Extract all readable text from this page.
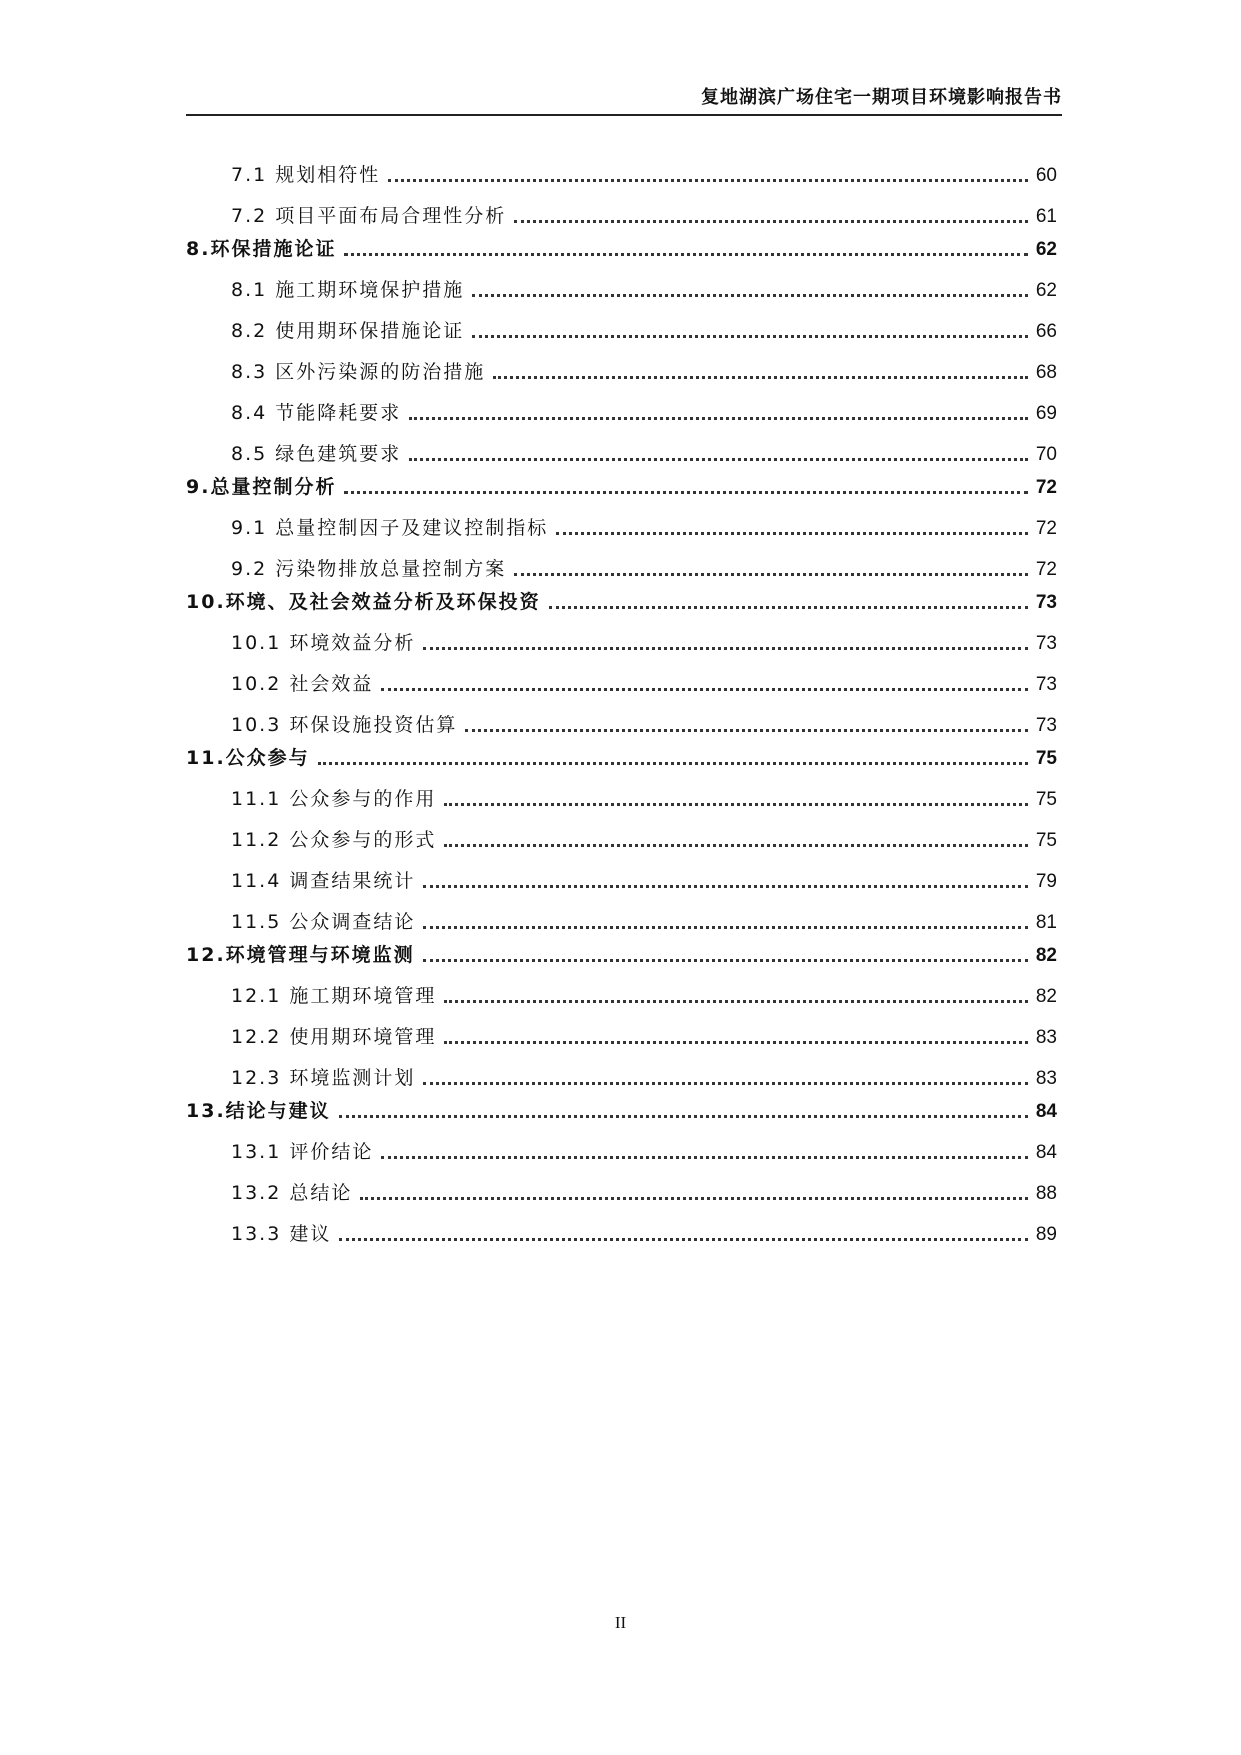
复地湖滨广场住宅一期项目环境影响报告书
7.1 规划相符性	60
7.2 项目平面布局合理性分析	61
8.环保措施论证	62
8.1 施工期环境保护措施	62
8.2 使用期环保措施论证	66
8.3 区外污染源的防治措施	68
8.4 节能降耗要求	69
8.5 绿色建筑要求	70
9.总量控制分析	72
9.1 总量控制因子及建议控制指标	72
9.2 污染物排放总量控制方案	72
10.环境、及社会效益分析及环保投资	73
10.1 环境效益分析	73
10.2 社会效益	73
10.3 环保设施投资估算	73
11.公众参与	75
11.1 公众参与的作用	75
11.2 公众参与的形式	75
11.4 调查结果统计	79
11.5 公众调查结论	81
12.环境管理与环境监测	82
12.1 施工期环境管理	82
12.2 使用期环境管理	83
12.3 环境监测计划	83
13.结论与建议	84
13.1 评价结论	84
13.2 总结论	88
13.3 建议	89
II
